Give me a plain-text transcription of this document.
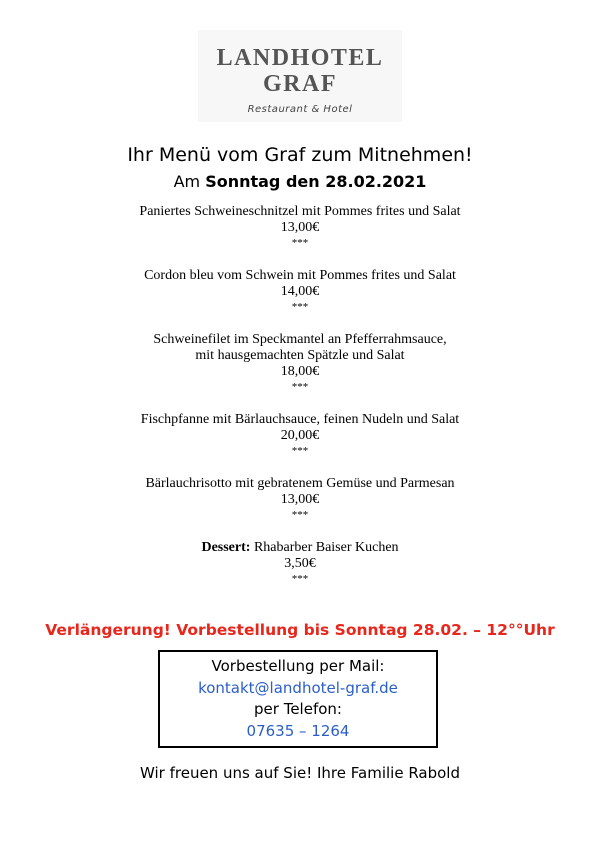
LANDHOTEL
GRAF
Restaurant & Hotel
Ihr Menü vom Graf zum Mitnehmen!
Am Sonntag den 28.02.2021
Paniertes Schweineschnitzel mit Pommes frites und Salat
13,00€
***
Cordon bleu vom Schwein mit Pommes frites und Salat
14,00€
***
Schweinefilet im Speckmantel an Pfefferrahmsauce,
mit hausgemachten Spätzle und Salat
18,00€
***
Fischpfanne mit Bärlauchsauce, feinen Nudeln und Salat
20,00€
***
Bärlauchrisotto mit gebratenem Gemüse und Parmesan
13,00€
***
Dessert: Rhabarber Baiser Kuchen
3,50€
***
Verlängerung! Vorbestellung bis Sonntag 28.02. – 12°°Uhr
Vorbestellung per Mail:
kontakt@landhotel-graf.de
per Telefon:
07635 – 1264
Wir freuen uns auf Sie! Ihre Familie Rabold
